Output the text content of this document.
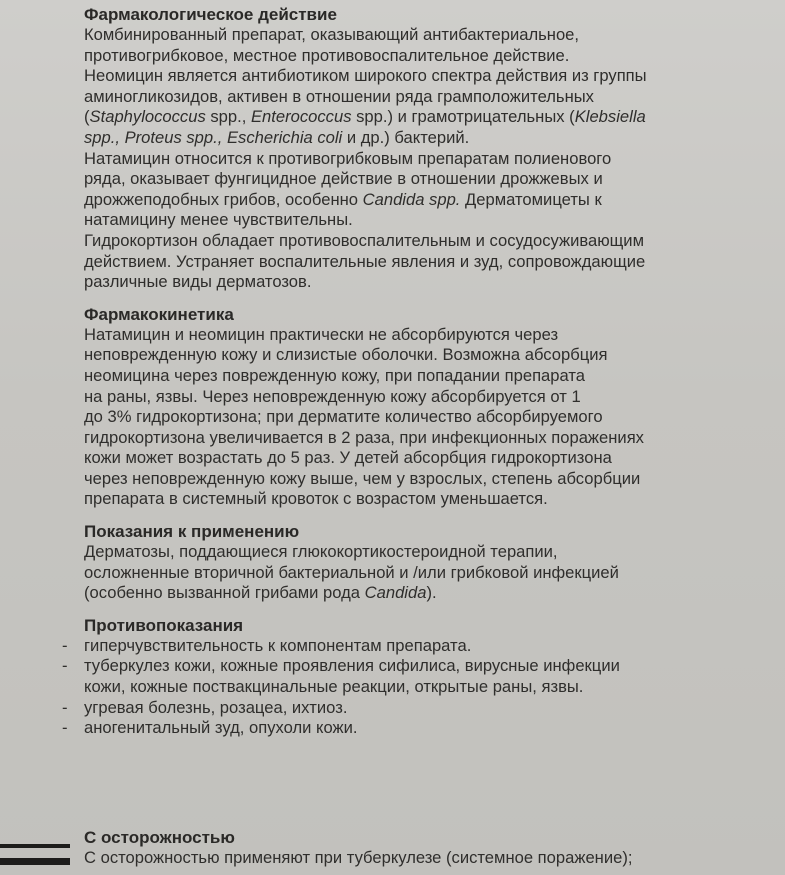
Фармакологическое действие
Комбинированный препарат, оказывающий антибактериальное,
противогрибковое, местное противовоспалительное действие.
Неомицин является антибиотиком широкого спектра действия из группы
аминогликозидов, активен в отношении ряда грамположительных
(Staphylococcus spp., Enterococcus spp.) и грамотрицательных (Klebsiella
spp., Proteus spp., Escherichia coli и др.) бактерий.
Натамицин относится к противогрибковым препаратам полиенового
ряда, оказывает фунгицидное действие в отношении дрожжевых и
дрожжеподобных грибов, особенно Candida spp. Дерматомицеты к
натамицину менее чувствительны.
Гидрокортизон обладает противовоспалительным и сосудосуживающим
действием. Устраняет воспалительные явления и зуд, сопровождающие
различные виды дерматозов.
Фармакокинетика
Натамицин и неомицин практически не абсорбируются через
неповрежденную кожу и слизистые оболочки. Возможна абсорбция
неомицина через поврежденную кожу, при попадании препарата
на раны, язвы. Через неповрежденную кожу абсорбируется от 1
до 3% гидрокортизона; при дерматите количество абсорбируемого
гидрокортизона увеличивается в 2 раза, при инфекционных поражениях
кожи может возрастать до 5 раз. У детей абсорбция гидрокортизона
через неповрежденную кожу выше, чем у взрослых, степень абсорбции
препарата в системный кровоток с возрастом уменьшается.
Показания к применению
Дерматозы, поддающиеся глюкокортикостероидной терапии,
осложненные вторичной бактериальной и /или грибковой инфекцией
(особенно вызванной грибами рода Candida).
Противопоказания
- гиперчувствительность к компонентам препарата.
- туберкулез кожи, кожные проявления сифилиса, вирусные инфекции
кожи, кожные поствакцинальные реакции, открытые раны, язвы.
- угревая болезнь, розацеа, ихтиоз.
- аногенитальный зуд, опухоли кожи.
С осторожностью
С осторожностью применяют при туберкулезе (системное поражение);
